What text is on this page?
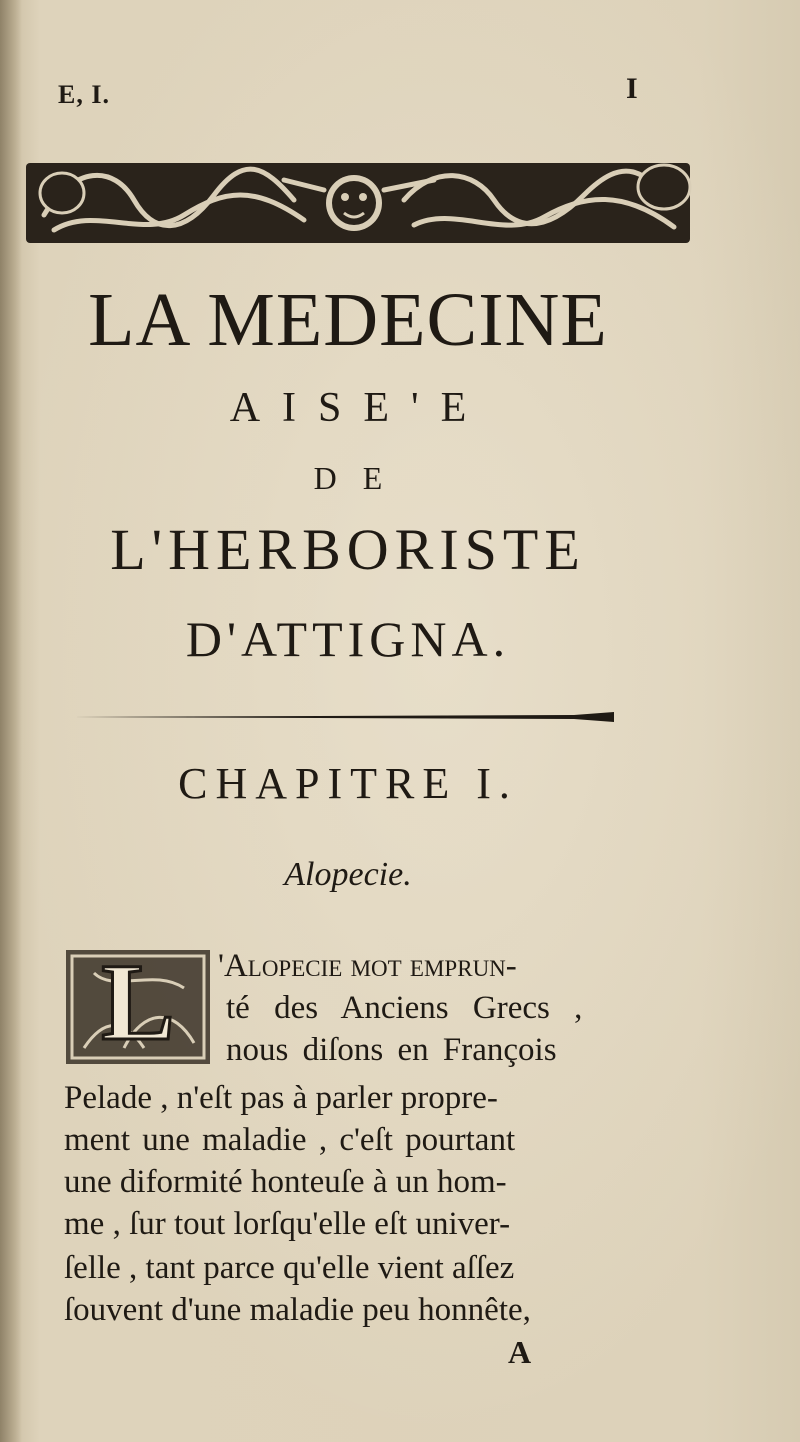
E, I.	I
LA MEDECINE
AISE'E
DE
L'HERBORISTE
D'ATTIGNA.
CHAPITRE I.
Alopecie.
L	'Alopecie mot emprun-
té des Anciens Grecs ,
nous diſons en François
Pelade , n'eſt pas à parler propre-
ment une maladie , c'eſt pourtant
une diformité honteuſe à un hom-
me , ſur tout lorſqu'elle eſt univer-
ſelle , tant parce qu'elle vient aſſez
ſouvent d'une maladie peu honnête,
A
